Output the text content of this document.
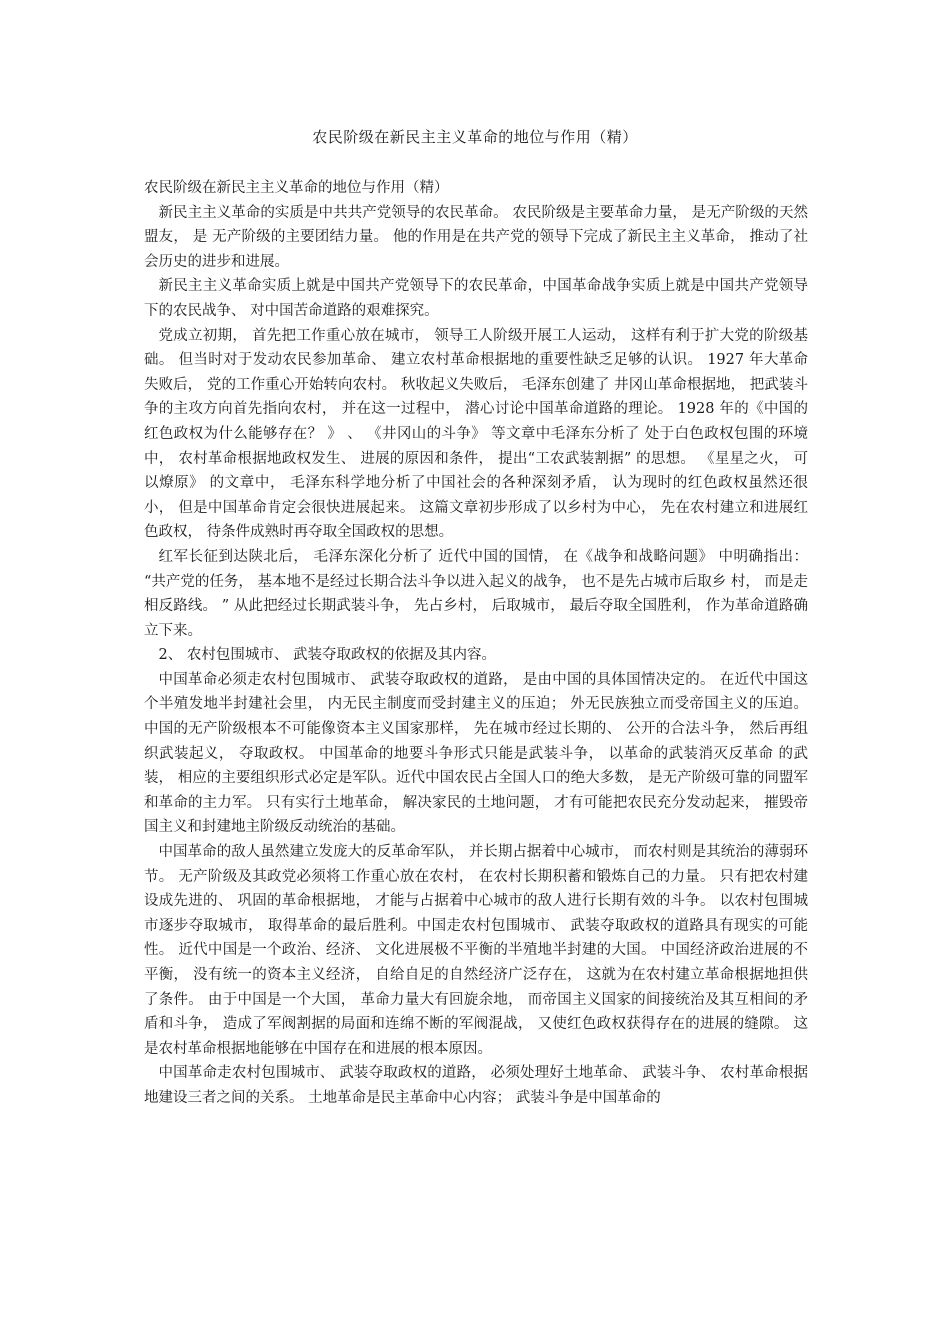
农民阶级在新民主主义革命的地位与作用（精）

农民阶级在新民主主义革命的地位与作用（精）

新民主主义革命的实质是中共共产党领导的农民革命。 农民阶级是主要革命力量， 是无产阶级的天然盟友， 是 无产阶级的主要团结力量。 他的作用是在共产党的领导下完成了新民主主义革命， 推动了社会历史的进步和进展。

新民主主义革命实质上就是中国共产党领导下的农民革命，中国革命战争实质上就是中国共产党领导下的农民战争、 对中国苦命道路的艰难探究。

党成立初期， 首先把工作重心放在城市， 领导工人阶级开展工人运动， 这样有利于扩大党的阶级基础。 但当时对于发动农民参加革命、 建立农村革命根据地的重要性缺乏足够的认识。 1927 年大革命失败后， 党的工作重心开始转向农村。 秋收起义失败后， 毛泽东创建了 井冈山革命根据地， 把武装斗争的主攻方向首先指向农村， 并在这一过程中， 潜心讨论中国革命道路的理论。 1928 年的《中国的红色政权为什么能够存在？ 》 、 《井冈山的斗争》 等文章中毛泽东分析了 处于白色政权包围的环境中， 农村革命根据地政权发生、 进展的原因和条件， 提出“工农武装割据” 的思想。 《星星之火， 可以燎原》 的文章中， 毛泽东科学地分析了中国社会的各种深刻矛盾， 认为现时的红色政权虽然还很小， 但是中国革命肯定会很快进展起来。 这篇文章初步形成了以乡村为中心， 先在农村建立和进展红色政权， 待条件成熟时再夺取全国政权的思想。

红军长征到达陕北后， 毛泽东深化分析了 近代中国的国情， 在《战争和战略问题》 中明确指出： “共产党的任务， 基本地不是经过长期合法斗争以进入起义的战争， 也不是先占城市后取乡 村， 而是走相反路线。 ” 从此把经过长期武装斗争， 先占乡村， 后取城市， 最后夺取全国胜利， 作为革命道路确立下来。

2、 农村包围城市、 武装夺取政权的依据及其内容。

中国革命必须走农村包围城市、 武装夺取政权的道路， 是由中国的具体国情决定的。 在近代中国这个半殖发地半封建社会里， 内无民主制度而受封建主义的压迫； 外无民族独立而受帝国主义的压迫。 中国的无产阶级根本不可能像资本主义国家那样， 先在城市经过长期的、 公开的合法斗争， 然后再组织武装起义， 夺取政权。 中国革命的地要斗争形式只能是武装斗争， 以革命的武装消灭反革命 的武装， 相应的主要组织形式必定是军队。近代中国农民占全国人口的绝大多数， 是无产阶级可靠的同盟军和革命的主力军。 只有实行土地革命， 解决家民的土地问题， 才有可能把农民充分发动起来， 摧毁帝国主义和封建地主阶级反动统治的基础。

中国革命的敌人虽然建立发庞大的反革命军队， 并长期占据着中心城市， 而农村则是其统治的薄弱环节。 无产阶级及其政党必须将工作重心放在农村， 在农村长期积蓄和锻炼自己的力量。 只有把农村建设成先进的、 巩固的革命根据地， 才能与占据着中心城市的敌人进行长期有效的斗争。 以农村包围城市逐步夺取城市， 取得革命的最后胜利。中国走农村包围城市、 武装夺取政权的道路具有现实的可能性。 近代中国是一个政治、经济、 文化进展极不平衡的半殖地半封建的大国。 中国经济政治进展的不平衡， 没有统一的资本主义经济， 自给自足的自然经济广泛存在， 这就为在农村建立革命根据地担供了条件。 由于中国是一个大国， 革命力量大有回旋余地， 而帝国主义国家的间接统治及其互相间的矛盾和斗争， 造成了军阀割据的局面和连绵不断的军阀混战， 又使红色政权获得存在的进展的缝隙。 这是农村革命根据地能够在中国存在和进展的根本原因。

中国革命走农村包围城市、 武装夺取政权的道路， 必须处理好土地革命、 武装斗争、 农村革命根据地建设三者之间的关系。 土地革命是民主革命中心内容； 武装斗争是中国革命的
